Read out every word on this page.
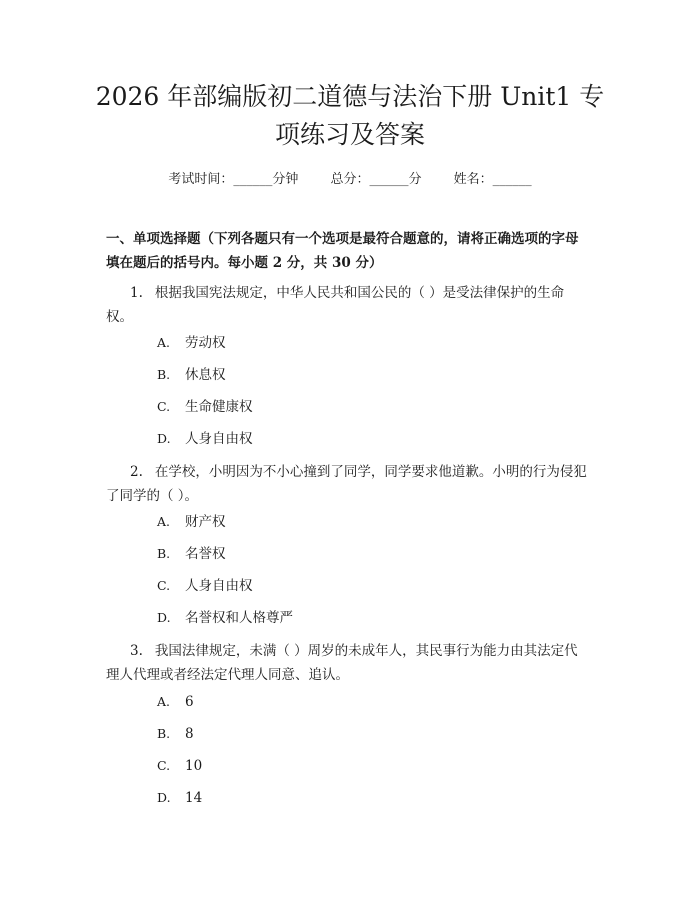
2026 年部编版初二道德与法治下册 Unit1 专
项练习及答案
考试时间：______分钟 总分：______分 姓名：______
一、单项选择题（下列各题只有一个选项是最符合题意的，请将正确选项的字母
填在题后的括号内。每小题 2 分，共 30 分）
1. 根据我国宪法规定，中华人民共和国公民的（ ）是受法律保护的生命
权。
A. 劳动权
B. 休息权
C. 生命健康权
D. 人身自由权
2. 在学校，小明因为不小心撞到了同学，同学要求他道歉。小明的行为侵犯
了同学的（ ）。
A. 财产权
B. 名誉权
C. 人身自由权
D. 名誉权和人格尊严
3. 我国法律规定，未满（ ）周岁的未成年人，其民事行为能力由其法定代
理人代理或者经法定代理人同意、追认。
A. 6
B. 8
C. 10
D. 14
